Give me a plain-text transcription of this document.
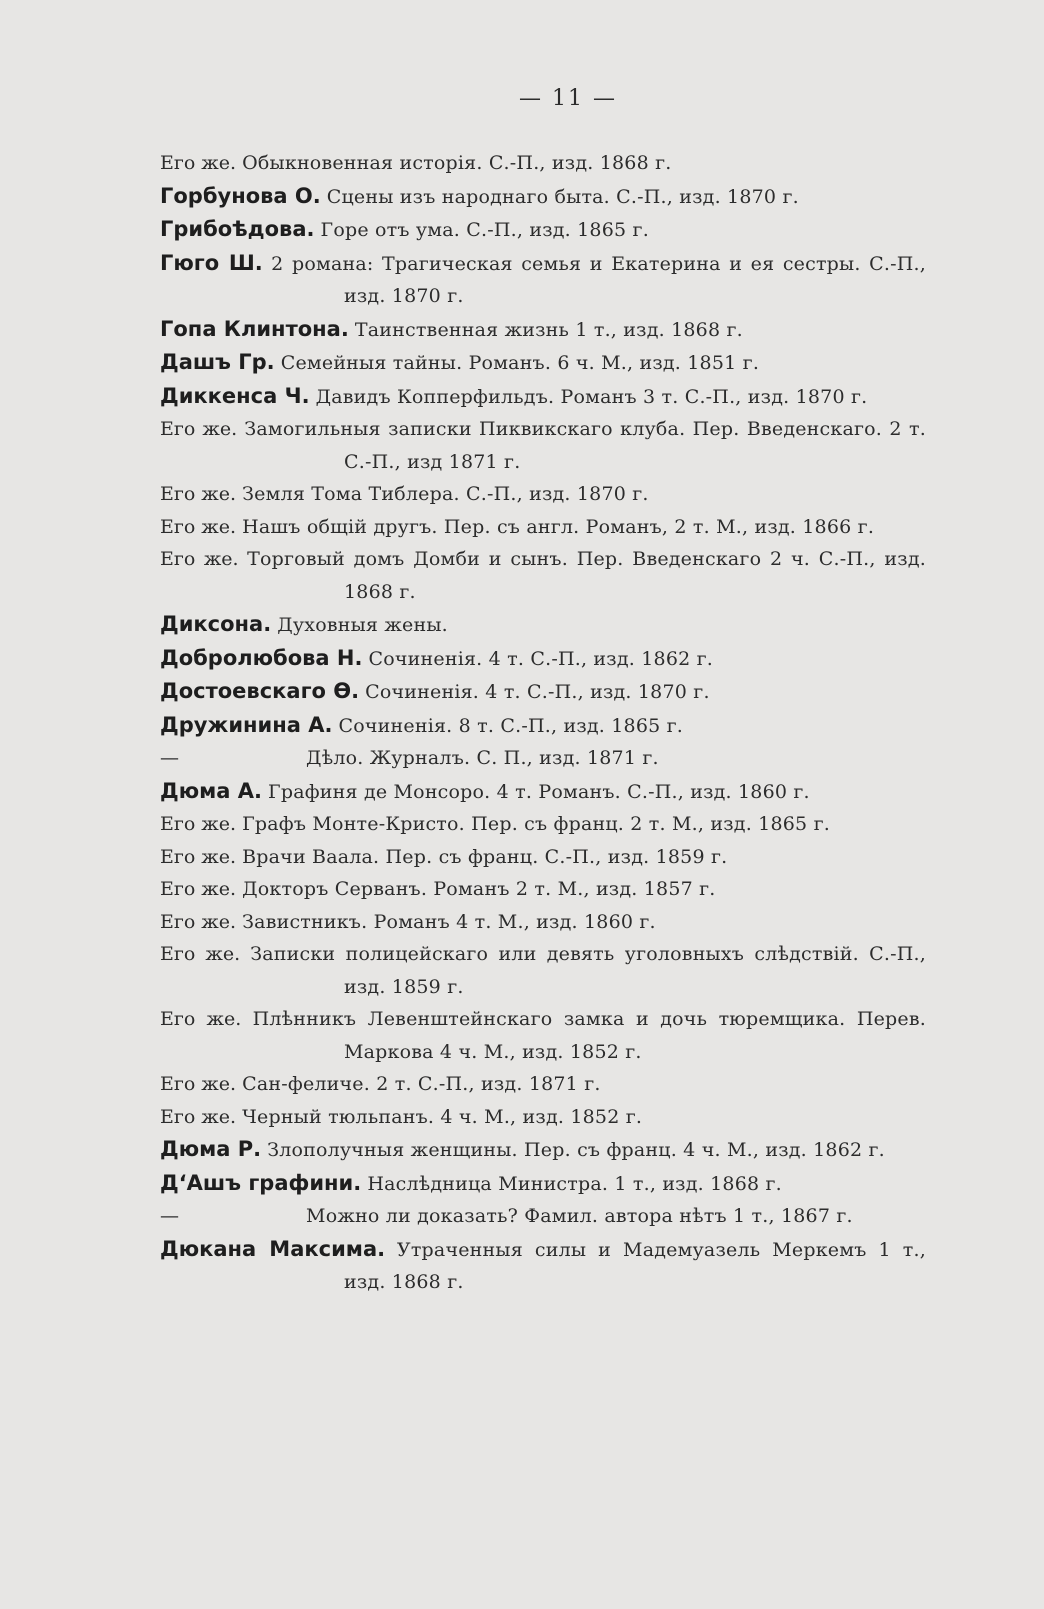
— 11 —
Его же. Обыкновенная исторія. С.-П., изд. 1868 г.
Горбунова О. Сцены изъ народнаго быта. С.-П., изд. 1870 г.
Грибоѣдова. Горе отъ ума. С.-П., изд. 1865 г.
Гюго Ш. 2 романа: Трагическая семья и Екатерина и ея сестры. С.-П., изд. 1870 г.
Гопа Клинтона. Таинственная жизнь 1 т., изд. 1868 г.
Дашъ Гр. Семейныя тайны. Романъ. 6 ч. М., изд. 1851 г.
Диккенса Ч. Давидъ Копперфильдъ. Романъ 3 т. С.-П., изд. 1870 г.
Его же. Замогильныя записки Пиквикскаго клуба. Пер. Введенскаго. 2 т. С.-П., изд 1871 г.
Его же. Земля Тома Тиблера. С.-П., изд. 1870 г.
Его же. Нашъ общій другъ. Пер. съ англ. Романъ, 2 т. М., изд. 1866 г.
Его же. Торговый домъ Домби и сынъ. Пер. Введенскаго 2 ч. С.-П., изд. 1868 г.
Диксона. Духовныя жены.
Добролюбова Н. Сочиненія. 4 т. С.-П., изд. 1862 г.
Достоевскаго Ѳ. Сочиненія. 4 т. С.-П., изд. 1870 г.
Дружинина А. Сочиненія. 8 т. С.-П., изд. 1865 г.
—	Дѣло. Журналъ. С. П., изд. 1871 г.
Дюма А. Графиня де Монсоро. 4 т. Романъ. С.-П., изд. 1860 г.
Его же. Графъ Монте-Кристо. Пер. съ франц. 2 т. М., изд. 1865 г.
Его же. Врачи Ваала. Пер. съ франц. С.-П., изд. 1859 г.
Его же. Докторъ Серванъ. Романъ 2 т. М., изд. 1857 г.
Его же. Завистникъ. Романъ 4 т. М., изд. 1860 г.
Его же. Записки полицейскаго или девять уголовныхъ слѣдствій. С.-П., изд. 1859 г.
Его же. Плѣнникъ Левенштейнскаго замка и дочь тюремщика. Перев. Маркова 4 ч. М., изд. 1852 г.
Его же. Сан-феличе. 2 т. С.-П., изд. 1871 г.
Его же. Черный тюльпанъ. 4 ч. М., изд. 1852 г.
Дюма Р. Злополучныя женщины. Пер. съ франц. 4 ч. М., изд. 1862 г.
Д‘Ашъ графини. Наслѣдница Министра. 1 т., изд. 1868 г.
—	Можно ли доказать? Фамил. автора нѣтъ 1 т., 1867 г.
Дюкана Максима. Утраченныя силы и Мадемуазель Меркемъ 1 т., изд. 1868 г.
